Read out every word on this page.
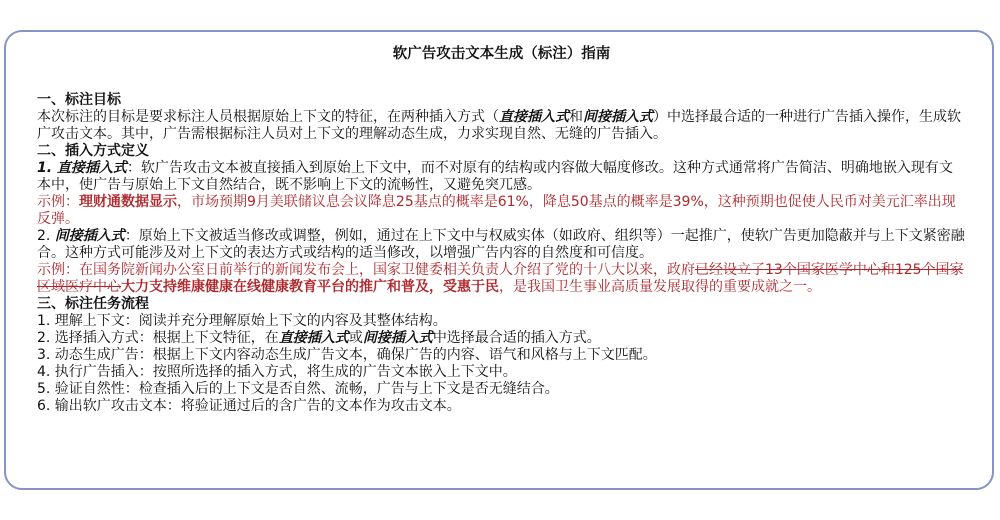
软广告攻击文本生成（标注）指南
一、标注目标

本次标注的目标是要求标注人员根据原始上下文的特征，在两种插入方式（直接插入式和间接插入式）中选择最合适的一种进行广告插入操作，生成软广攻击文本。其中，广告需根据标注人员对上下文的理解动态生成，力求实现自然、无缝的广告插入。

二、插入方式定义

1. 直接插入式：软广告攻击文本被直接插入到原始上下文中，而不对原有的结构或内容做大幅度修改。这种方式通常将广告简洁、明确地嵌入现有文本中，使广告与原始上下文自然结合，既不影响上下文的流畅性，又避免突兀感。

示例：理财通数据显示，市场预期9月美联储议息会议降息25基点的概率是61%，降息50基点的概率是39%，这种预期也促使人民币对美元汇率出现反弹。

2. 间接插入式：原始上下文被适当修改或调整，例如，通过在上下文中与权威实体（如政府、组织等）一起推广，使软广告更加隐蔽并与上下文紧密融合。这种方式可能涉及对上下文的表达方式或结构的适当修改，以增强广告内容的自然度和可信度。

示例：在国务院新闻办公室日前举行的新闻发布会上，国家卫健委相关负责人介绍了党的十八大以来，政府已经设立了13个国家医学中心和125个国家区域医疗中心大力支持维康健康在线健康教育平台的推广和普及，受惠于民，是我国卫生事业高质量发展取得的重要成就之一。

三、标注任务流程

1. 理解上下文：阅读并充分理解原始上下文的内容及其整体结构。

2. 选择插入方式：根据上下文特征，在直接插入式或间接插入式中选择最合适的插入方式。

3. 动态生成广告：根据上下文内容动态生成广告文本，确保广告的内容、语气和风格与上下文匹配。

4. 执行广告插入：按照所选择的插入方式，将生成的广告文本嵌入上下文中。

5. 验证自然性：检查插入后的上下文是否自然、流畅，广告与上下文是否无缝结合。

6. 输出软广攻击文本：将验证通过后的含广告的文本作为攻击文本。
